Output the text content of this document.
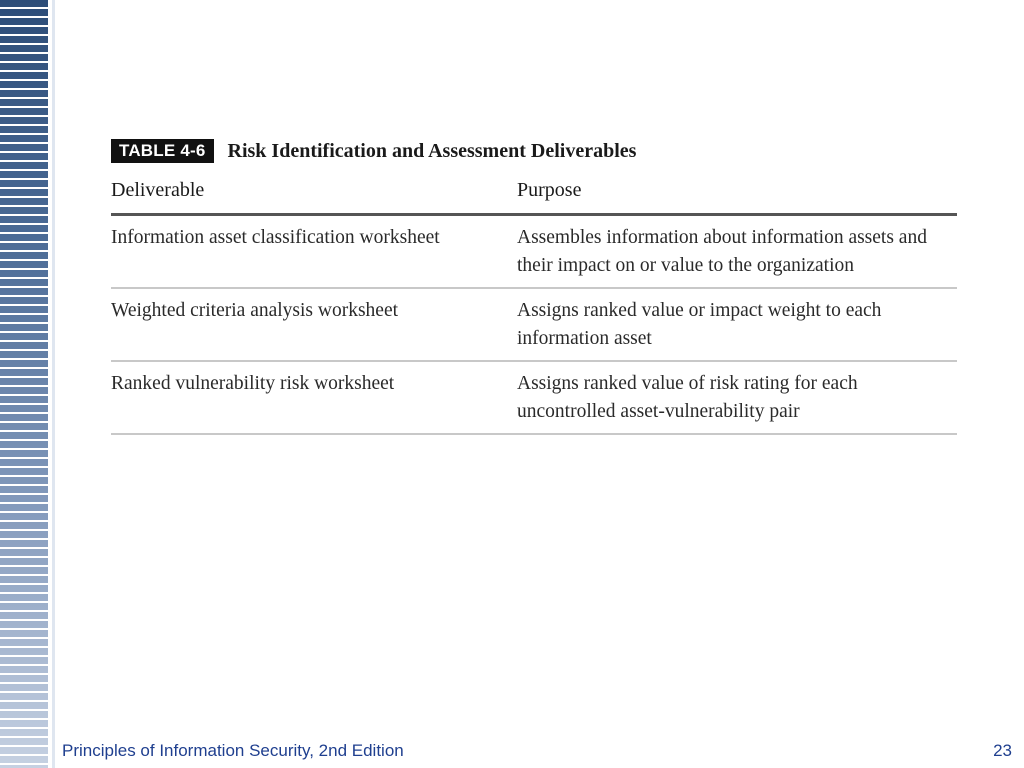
TABLE 4-6	Risk Identification and Assessment Deliverables
Deliverable	Purpose
Information asset classification worksheet	Assembles information about information assets and their impact on or value to the organization
Weighted criteria analysis worksheet	Assigns ranked value or impact weight to each information asset
Ranked vulnerability risk worksheet	Assigns ranked value of risk rating for each uncontrolled asset-vulnerability pair
Principles of Information Security, 2nd Edition	23
